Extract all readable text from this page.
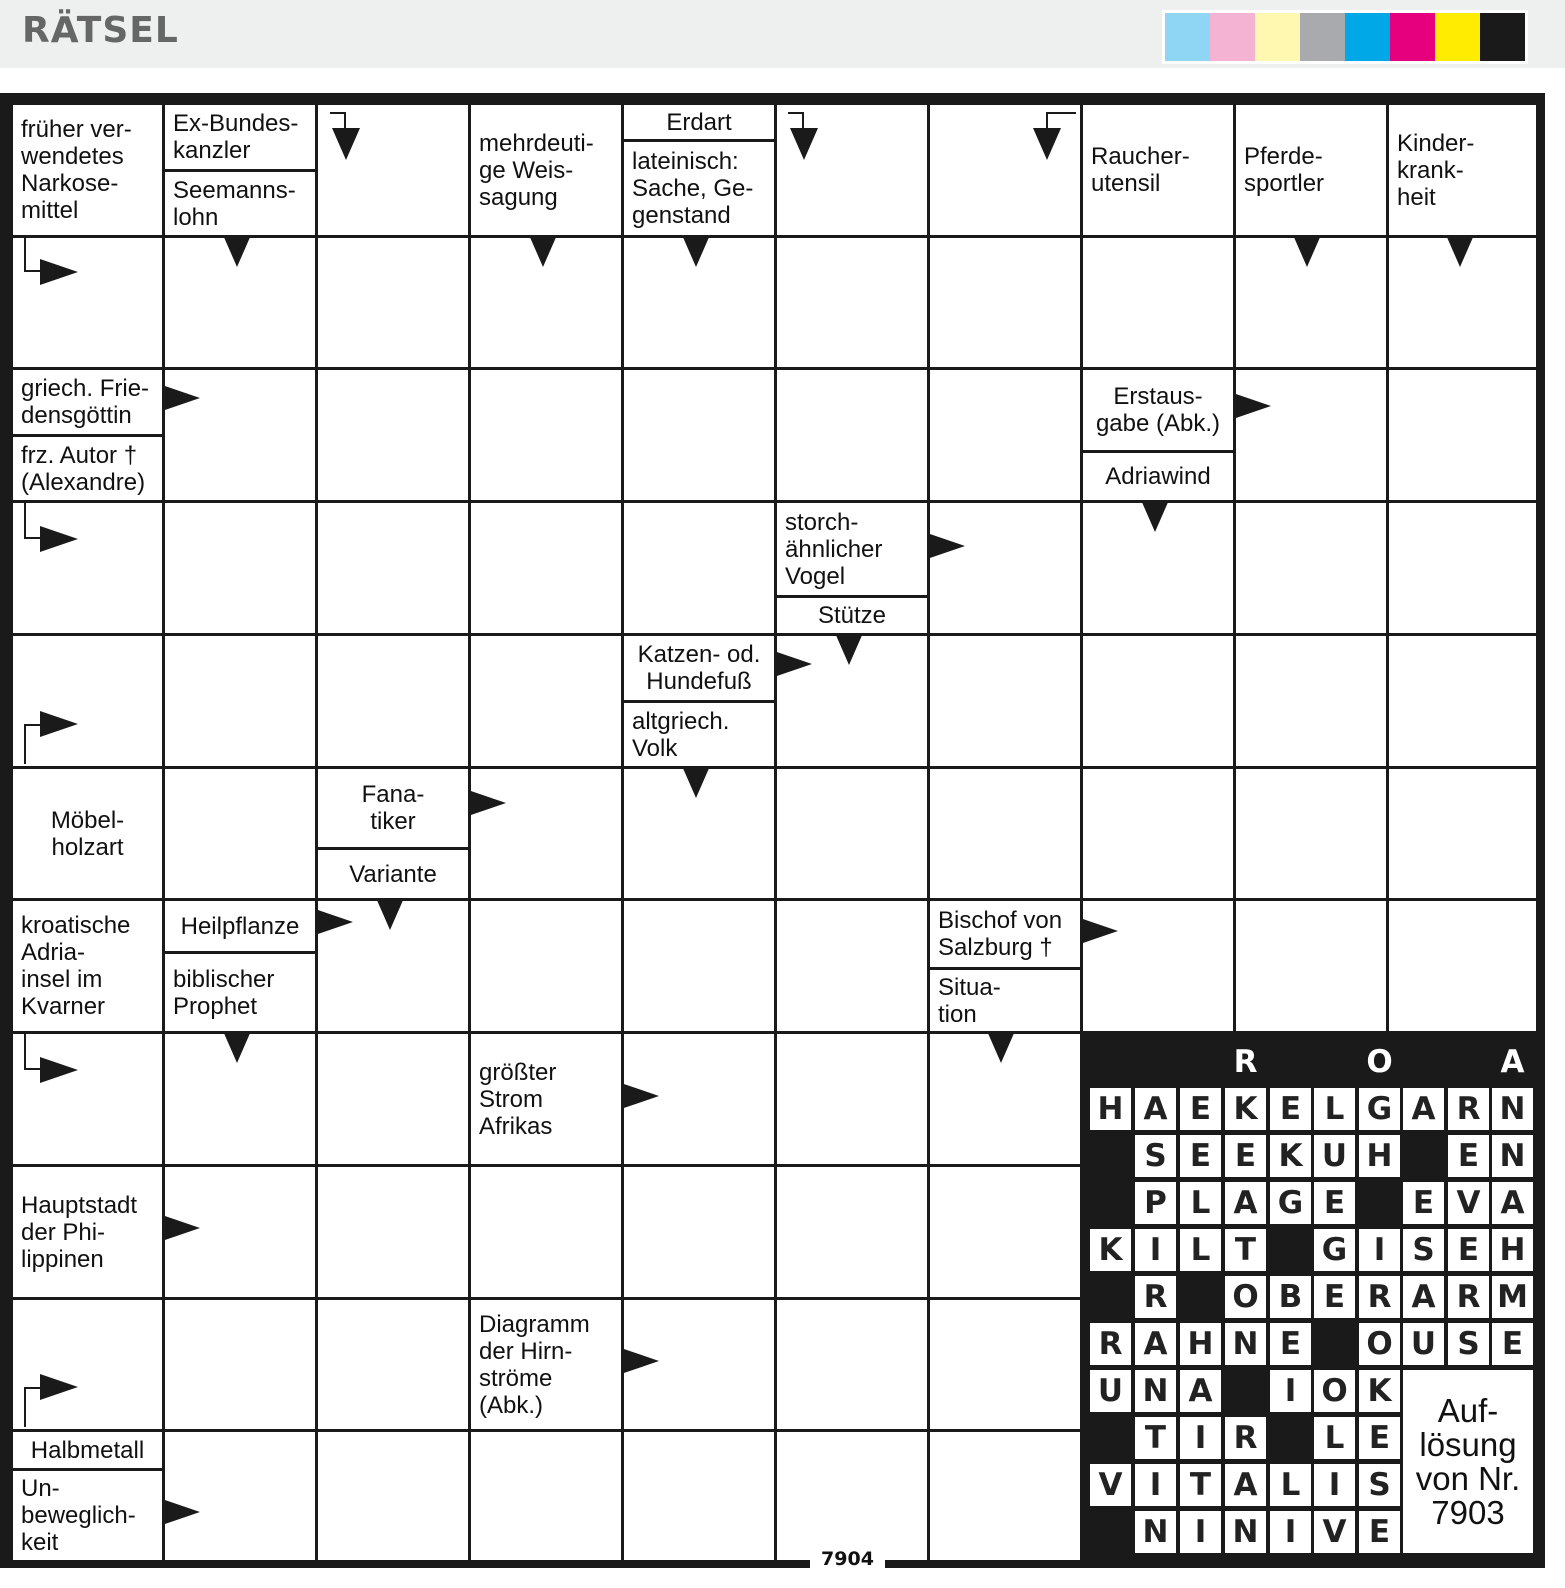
RÄTSEL
früher ver-
wendetes
Narkose-
mittel
Ex-Bundes-
kanzler
Seemanns-
lohn
mehrdeuti-
ge Weis-
sagung
Erdart
lateinisch:
Sache, Ge-
genstand
Raucher-
utensil
Pferde-
sportler
Kinder-
krank-
heit
griech. Frie-
densgöttin
frz. Autor †
(Alexandre)
Erstaus-
gabe (Abk.)
Adriawind
storch-
ähnlicher
Vogel
Stütze
Katzen- od.
Hundefuß
altgriech.
Volk
Möbel-
holzart
Fana-
tiker
Variante
kroatische
Adria-
insel im
Kvarner
Heilpflanze
biblischer
Prophet
Bischof von
Salzburg †
Situa-
tion
größter
Strom
Afrikas
Hauptstadt
der Phi-
lippinen
Diagramm
der Hirn-
ströme
(Abk.)
Halbmetall
Un-
beweglich-
keit
R	O	A
H A E K E L G A R N
S E E K U H	E N
P L A G E	E V A
K I L T	G I S E H
R O B E R A R M
R A H N E	O U S E
U N A	I O K
T I R	L E
V I T A L I S
N I N I V E
Auf-
lösung
von Nr.
7903
7904
